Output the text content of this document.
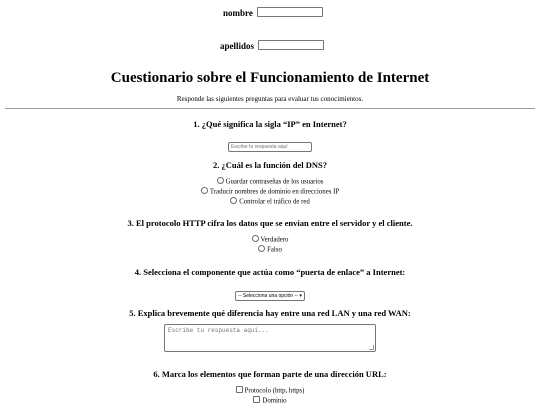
nombre
apellidos
Cuestionario sobre el Funcionamiento de Internet
Responde las siguientes preguntas para evaluar tus conocimientos.
1. ¿Qué significa la sigla “IP” en Internet?
Escribe tu respuesta aquí
2. ¿Cuál es la función del DNS?
Guardar contraseñas de los usuarios
Traducir nombres de dominio en direcciones IP
Controlar el tráfico de red
3. El protocolo HTTP cifra los datos que se envían entre el servidor y el cliente.
Verdadero
Falso
4. Selecciona el componente que actúa como “puerta de enlace” a Internet:
-- Selecciona una opción -- ▾
5. Explica brevemente qué diferencia hay entre una red LAN y una red WAN:
Escribe tu respuesta aquí...
6. Marca los elementos que forman parte de una dirección URL:
Protocolo (http, https)
Dominio
